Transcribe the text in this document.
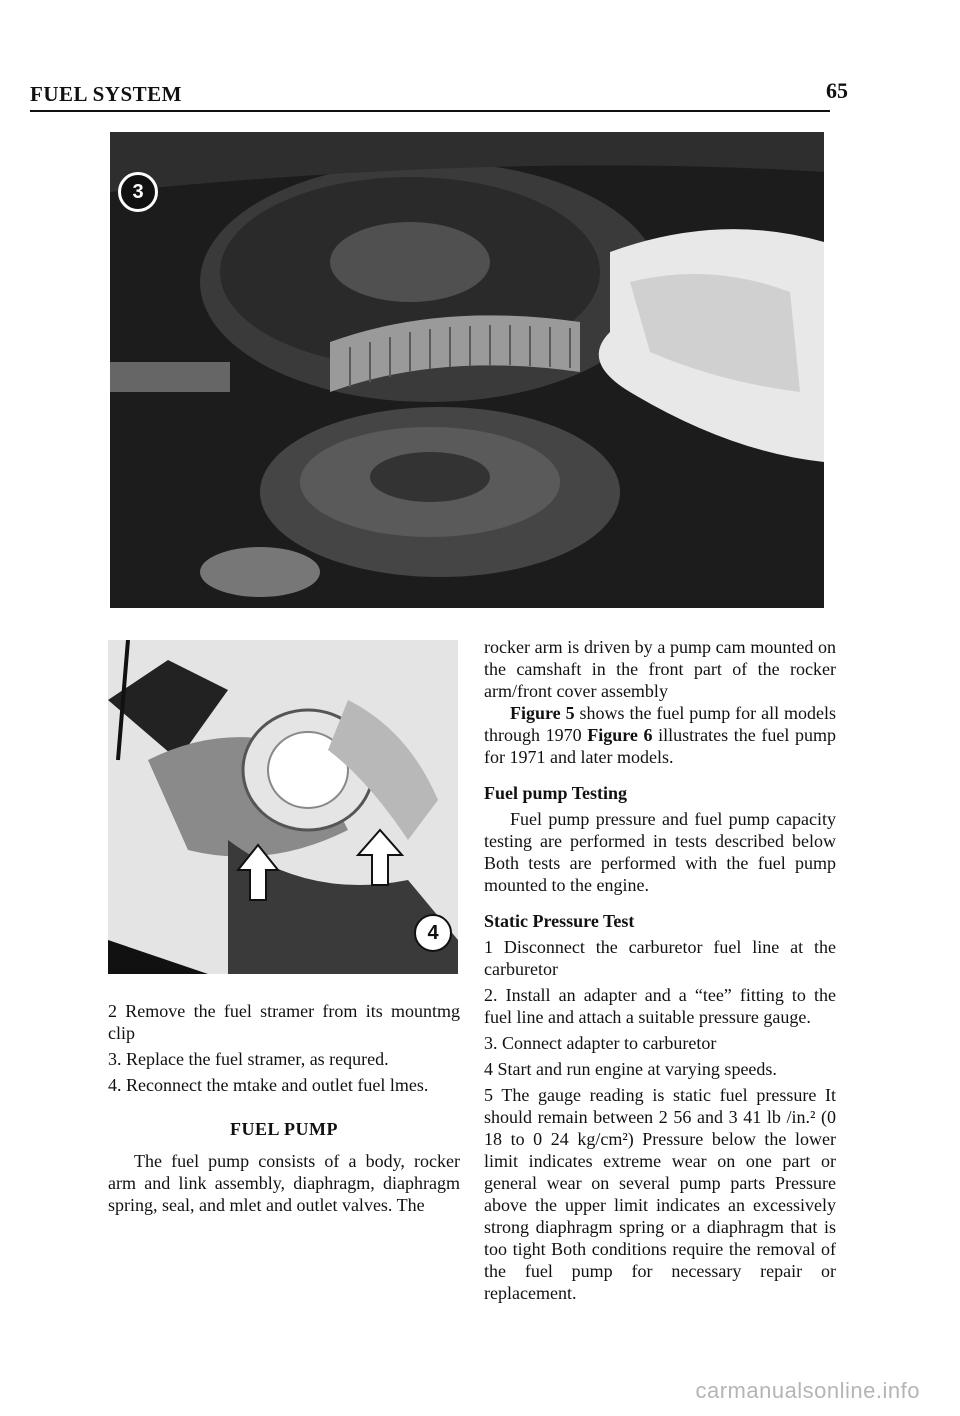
FUEL SYSTEM	65
3
4

2 Remove the fuel stramer from its mountmg clip

3. Replace the fuel stramer, as requred.

4. Reconnect the mtake and outlet fuel lmes.

FUEL PUMP

The fuel pump consists of a body, rocker arm and link assembly, diaphragm, diaphragm spring, seal, and mlet and outlet valves. The

rocker arm is driven by a pump cam mounted on the camshaft in the front part of the rocker arm/front cover assembly

Figure 5 shows the fuel pump for all models through 1970 Figure 6 illustrates the fuel pump for 1971 and later models.

Fuel pump Testing

Fuel pump pressure and fuel pump capacity testing are performed in tests described below Both tests are performed with the fuel pump mounted to the engine.

Static Pressure Test

1 Disconnect the carburetor fuel line at the carburetor

2. Install an adapter and a “tee” fitting to the fuel line and attach a suitable pressure gauge.

3. Connect adapter to carburetor

4 Start and run engine at varying speeds.

5 The gauge reading is static fuel pressure It should remain between 2 56 and 3 41 lb /in.² (0 18 to 0 24 kg/cm²) Pressure below the lower limit indicates extreme wear on one part or general wear on several pump parts Pressure above the upper limit indicates an excessively strong diaphragm spring or a diaphragm that is too tight Both conditions require the removal of the fuel pump for necessary repair or replacement.

carmanualsonline.info
